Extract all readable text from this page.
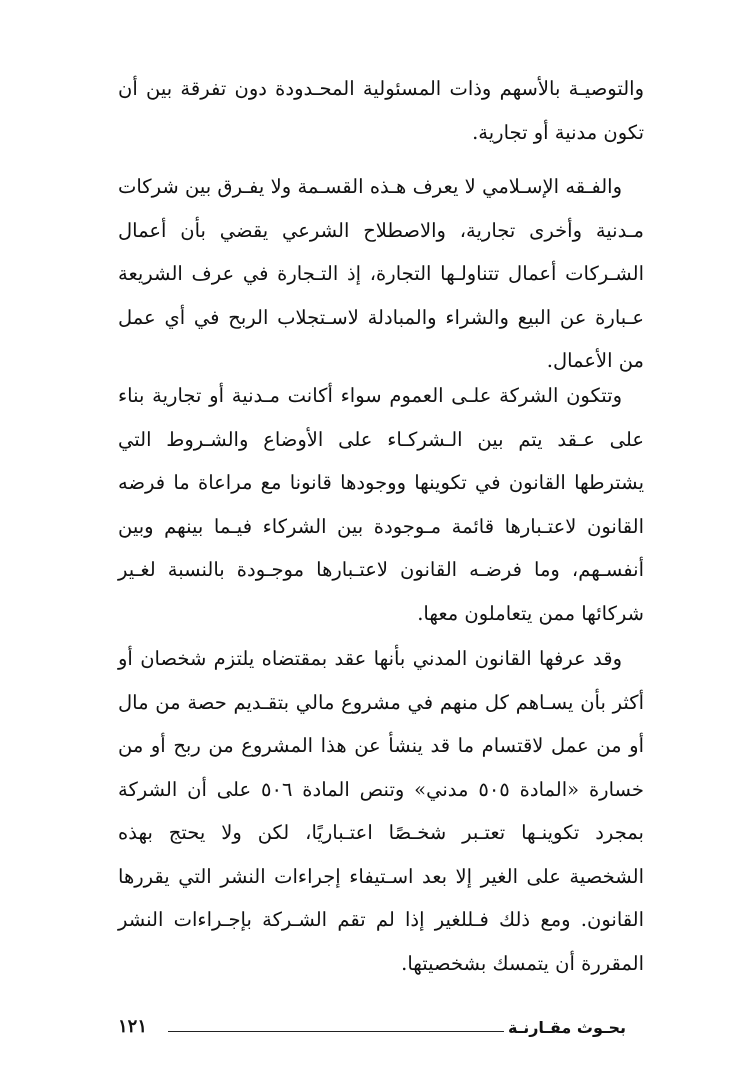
والتوصيـة بالأسهم وذات المسئولية المحـدودة دون تفرقة بين أن تكون مدنية أو تجارية.

والفـقه الإسـلامي لا يعرف هـذه القسـمة ولا يفـرق بين شركات مـدنية وأخرى تجارية، والاصطلاح الشرعي يقضي بأن أعمال الشـركات أعمال تتناولـها التجارة، إذ التـجارة في عرف الشريعة عـبارة عن البيع والشراء والمبادلة لاسـتجلاب الربح في أي عمل من الأعمال.

وتتكون الشركة علـى العموم سواء أكانت مـدنية أو تجارية بناء على عـقد يتم بين الـشركـاء على الأوضاع والشـروط التي يشترطها القانون في تكوينها ووجودها قانونا مع مراعاة ما فرضه القانون لاعتـبارها قائمة مـوجودة بين الشركاء فيـما بينهم وبين أنفسـهم، وما فرضـه القانون لاعتـبارها موجـودة بالنسبة لغـير شركائها ممن يتعاملون معها.

وقد عرفها القانون المدني بأنها عقد بمقتضاه يلتزم شخصان أو أكثر بأن يسـاهم كل منهم في مشروع مالي بتقـديم حصة من مال أو من عمل لاقتسام ما قد ينشأ عن هذا المشروع من ربح أو من خسارة «المادة ٥٠٥ مدني» وتنص المادة ٥٠٦ على أن الشركة بمجرد تكوينـها تعتـبر شخـصًا اعتـباريًا، لكن ولا يحتج بهذه الشخصية على الغير إلا بعد اسـتيفاء إجراءات النشر التي يقررها القانون. ومع ذلك فـللغير إذا لم تقم الشـركة بإجـراءات النشر المقررة أن يتمسك بشخصيتها.

بحـوث مقـارنـة
١٢١
